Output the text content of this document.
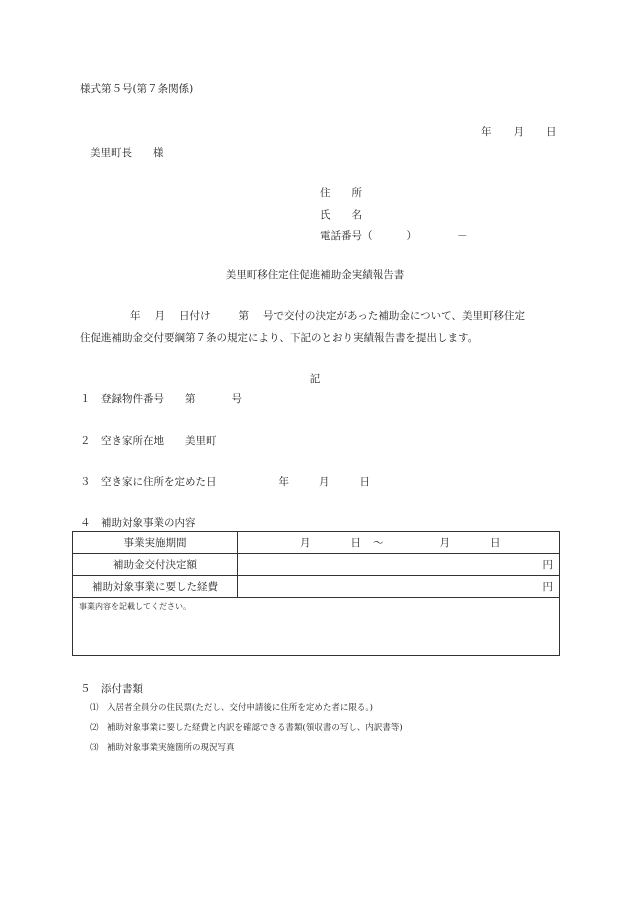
様式第５号(第７条関係)
年 月 日
美里町長　　様
住　　所
氏　　名
電話番号（	）	－
美里町移住定住促進補助金実績報告書
年 月 日付け	第 号で交付の決定があった補助金について、美里町移住定
住促進補助金交付要綱第７条の規定により、下記のとおり実績報告書を提出します。
記
１　登録物件番号　　第	号
２　空き家所在地　　美里町
３　空き家に住所を定めた日	年	月	日
４　補助対象事業の内容
事業実施期間	月 日 ～ 月 日
補助金交付決定額	円
補助対象事業に要した経費	円
事業内容を記載してください。	
５　添付書類
⑴　入居者全員分の住民票(ただし、交付申請後に住所を定めた者に限る。)
⑵　補助対象事業に要した経費と内訳を確認できる書類(領収書の写し、内訳書等)
⑶　補助対象事業実施箇所の現況写真
